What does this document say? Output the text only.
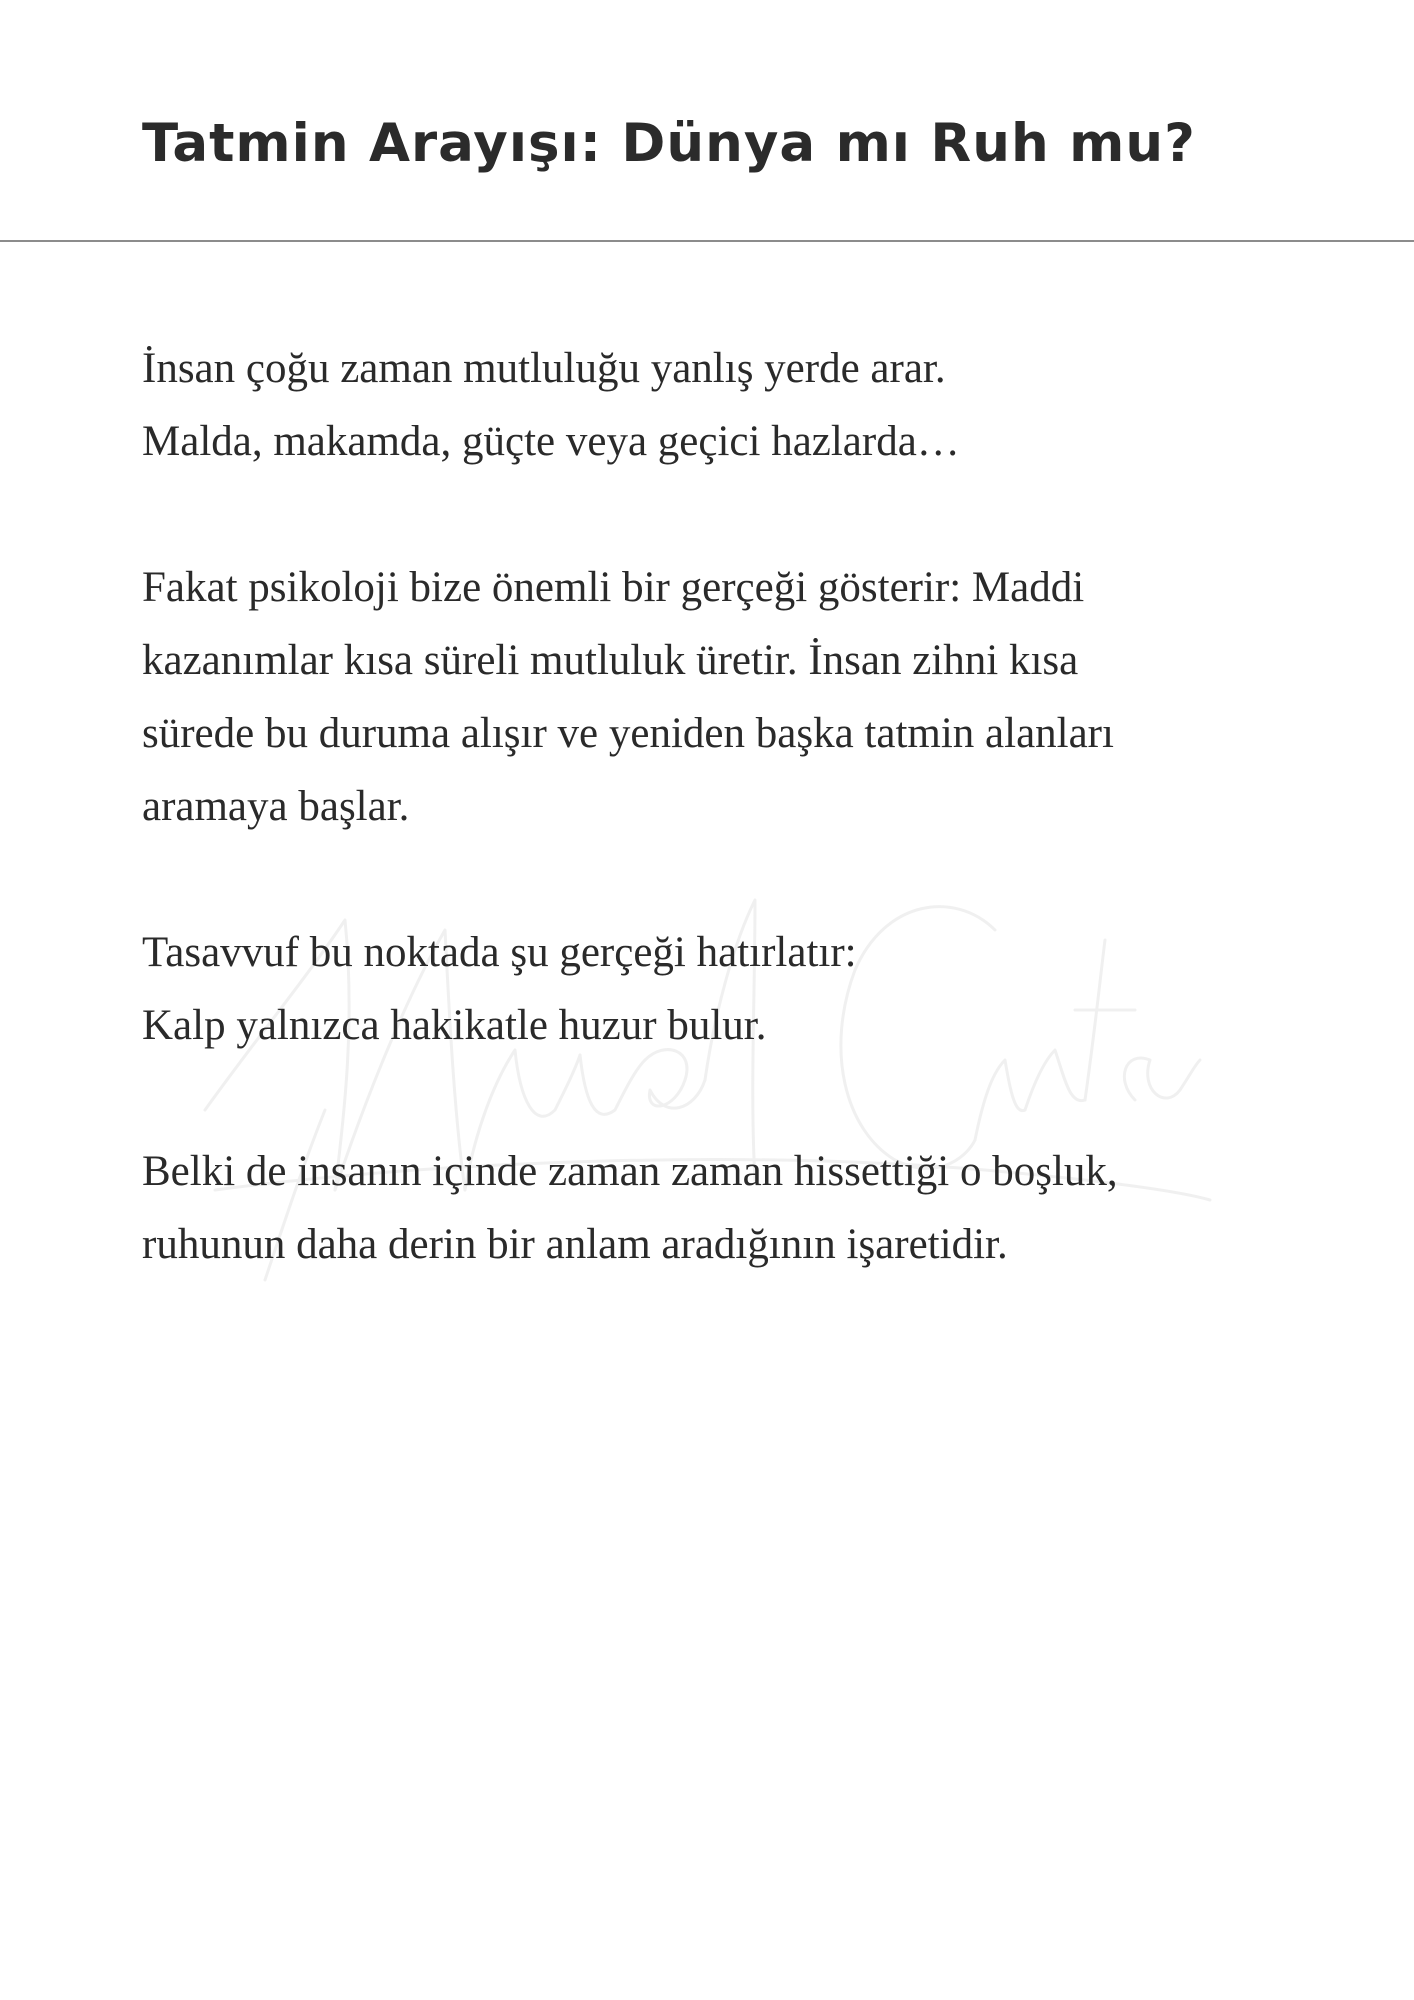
Tatmin Arayışı: Dünya mı Ruh mu?

İnsan çoğu zaman mutluluğu yanlış yerde arar.
Malda, makamda, güçte veya geçici hazlarda…

Fakat psikoloji bize önemli bir gerçeği gösterir: Maddi
kazanımlar kısa süreli mutluluk üretir. İnsan zihni kısa
sürede bu duruma alışır ve yeniden başka tatmin alanları
aramaya başlar.

Tasavvuf bu noktada şu gerçeği hatırlatır:
Kalp yalnızca hakikatle huzur bulur.

Belki de insanın içinde zaman zaman hissettiği o boşluk,
ruhunun daha derin bir anlam aradığının işaretidir.
